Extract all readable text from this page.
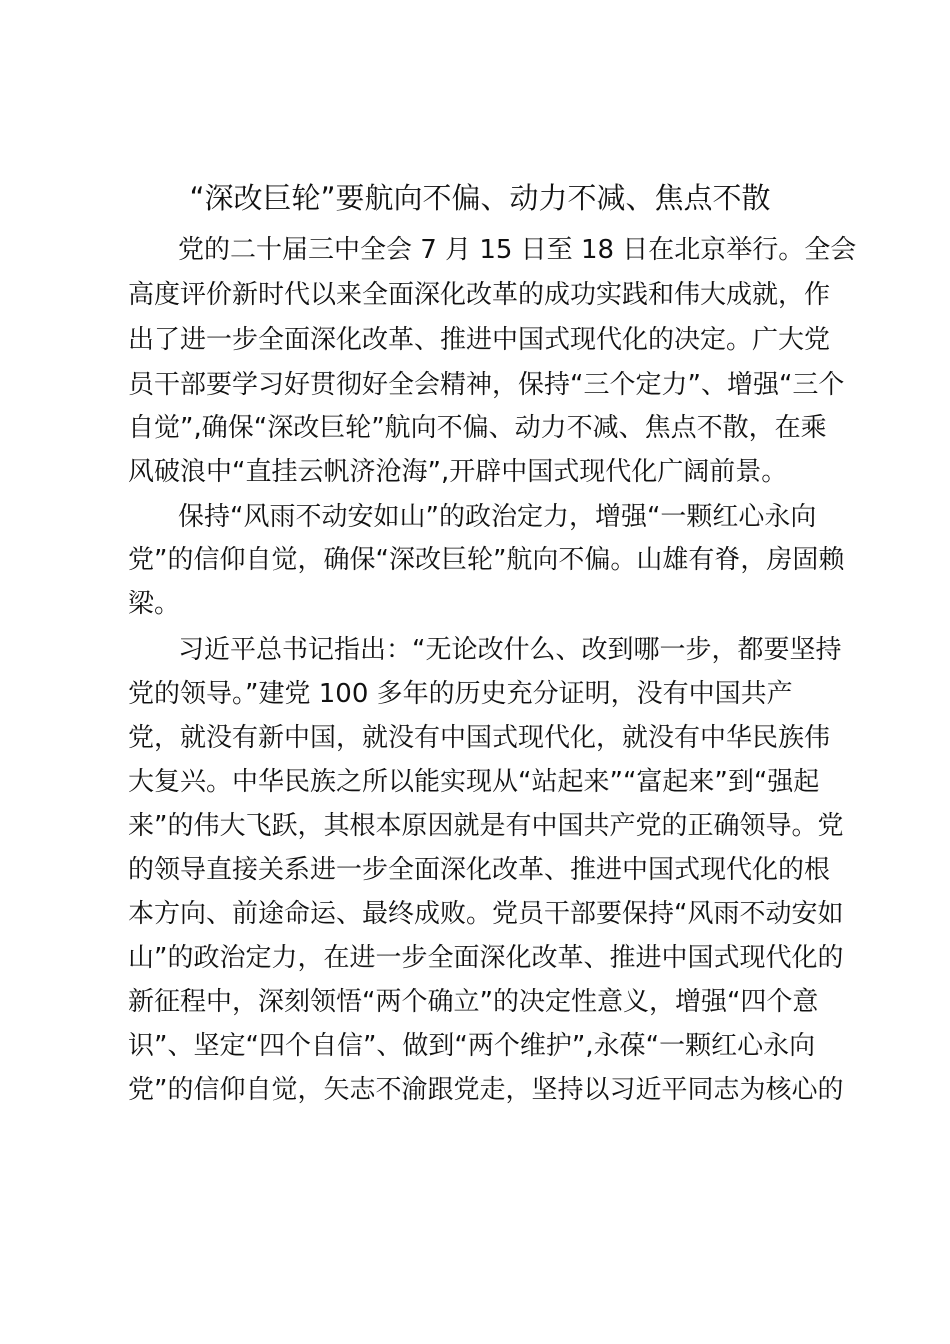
“深改巨轮”要航向不偏、动力不减、焦点不散
党的二十届三中全会 7 月 15 日至 18 日在北京举行。全会
高度评价新时代以来全面深化改革的成功实践和伟大成就，作
出了进一步全面深化改革、推进中国式现代化的决定。广大党
员干部要学习好贯彻好全会精神，保持“三个定力”、增强“三个
自觉”,确保“深改巨轮”航向不偏、动力不减、焦点不散，在乘
风破浪中“直挂云帆济沧海”,开辟中国式现代化广阔前景。
保持“风雨不动安如山”的政治定力，增强“一颗红心永向
党”的信仰自觉，确保“深改巨轮”航向不偏。山雄有脊，房固赖
梁。
习近平总书记指出：“无论改什么、改到哪一步，都要坚持
党的领导。”建党 100 多年的历史充分证明，没有中国共产
党，就没有新中国，就没有中国式现代化，就没有中华民族伟
大复兴。中华民族之所以能实现从“站起来”“富起来”到“强起
来”的伟大飞跃，其根本原因就是有中国共产党的正确领导。党
的领导直接关系进一步全面深化改革、推进中国式现代化的根
本方向、前途命运、最终成败。党员干部要保持“风雨不动安如
山”的政治定力，在进一步全面深化改革、推进中国式现代化的
新征程中，深刻领悟“两个确立”的决定性意义，增强“四个意
识”、坚定“四个自信”、做到“两个维护”,永葆“一颗红心永向
党”的信仰自觉，矢志不渝跟党走，坚持以习近平同志为核心的
